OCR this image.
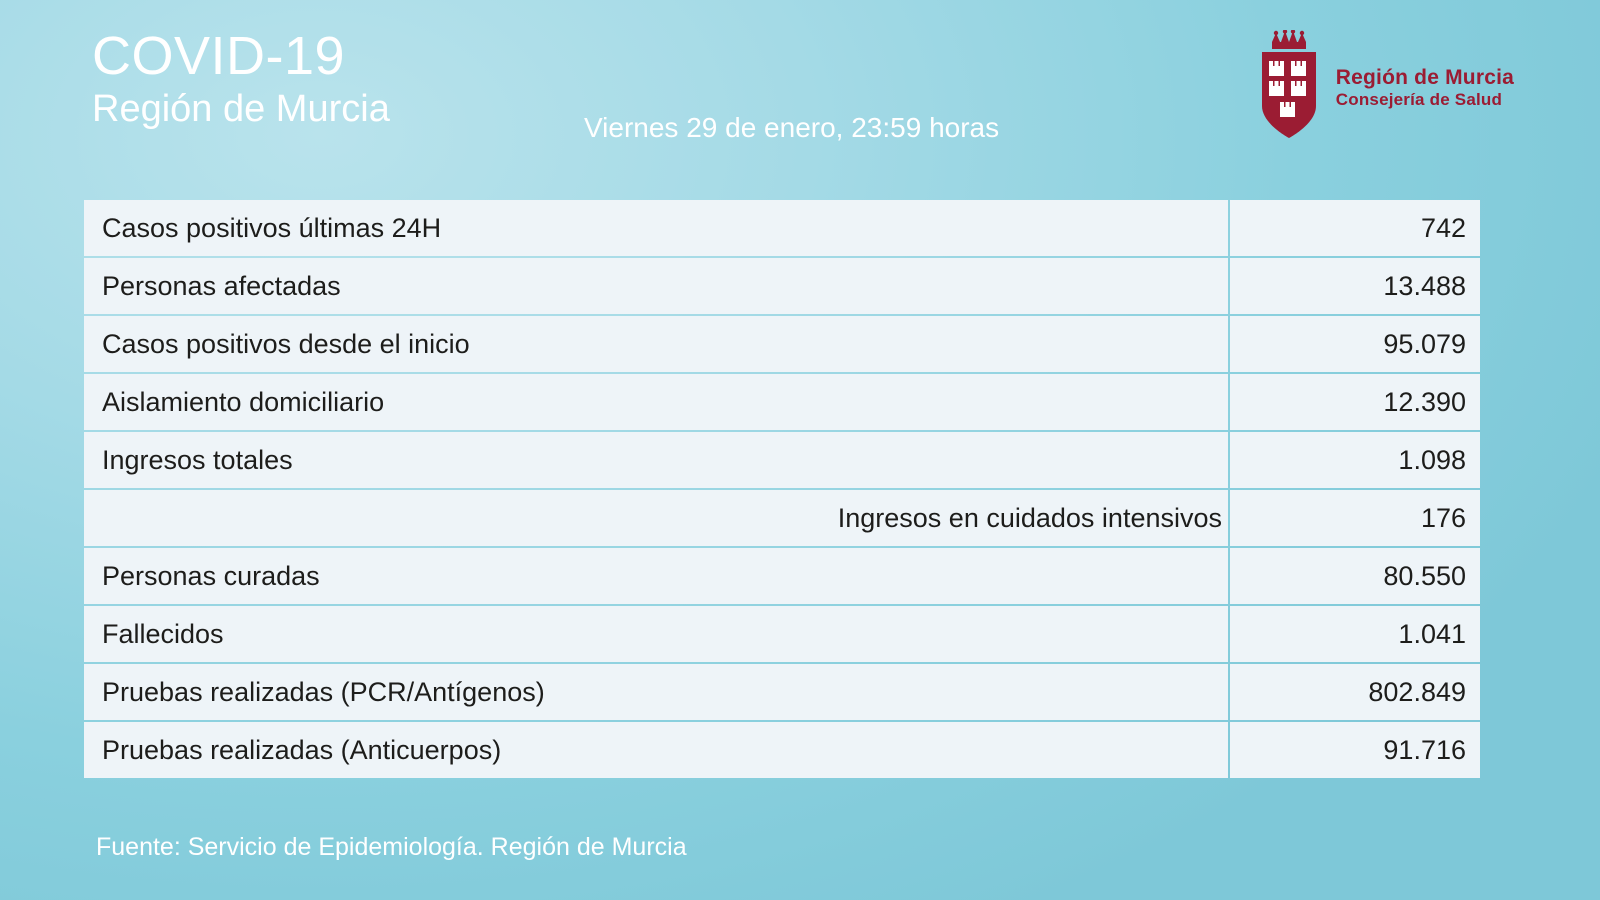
COVID-19
Región de Murcia	Viernes 29 de enero, 23:59 horas
Región de Murcia
Consejería de Salud
Casos positivos últimas 24H	742
Personas afectadas	13.488
Casos positivos desde el inicio	95.079
Aislamiento domiciliario	12.390
Ingresos totales	1.098
Ingresos en cuidados intensivos	176
Personas curadas	80.550
Fallecidos	1.041
Pruebas realizadas (PCR/Antígenos)	802.849
Pruebas realizadas (Anticuerpos)	91.716
Fuente: Servicio de Epidemiología. Región de Murcia
